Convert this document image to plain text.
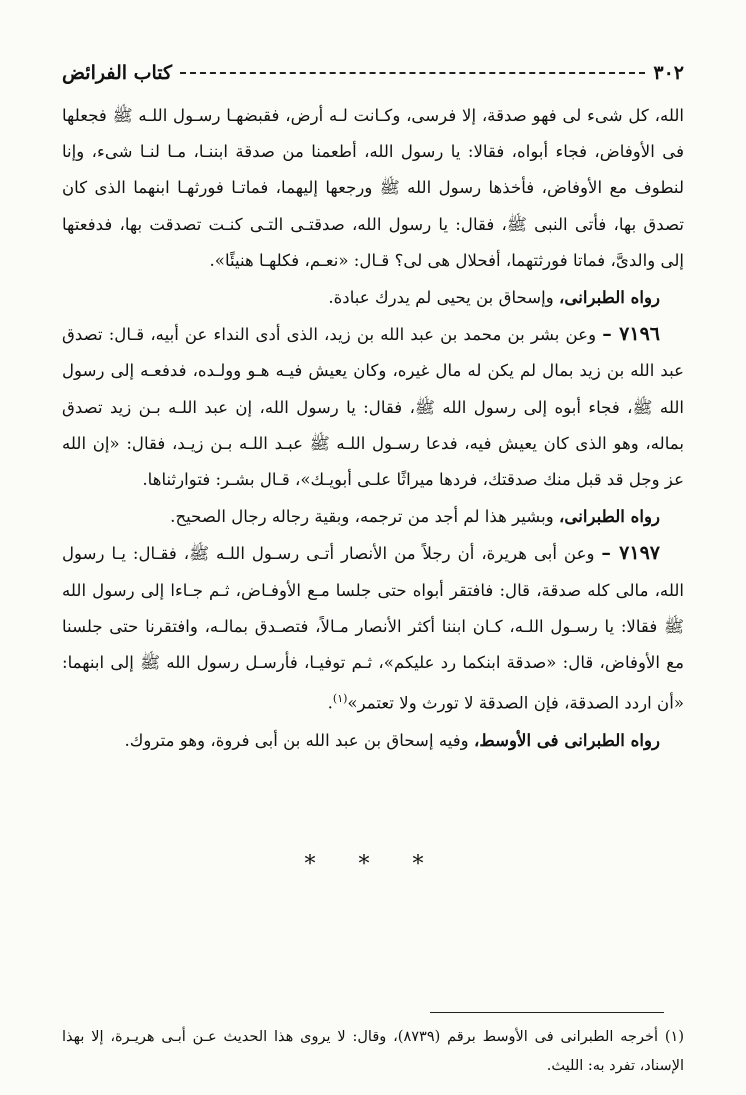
٣٠٢
كتاب الفرائض

الله، كل شىء لى فهو صدقة، إلا فرسى، وكـانت لـه أرض، فقبضهـا رسـول اللـه ﷺ فجعلها فى الأوفاض، فجاء أبواه، فقالا: يا رسول الله، أطعمنا من صدقة ابننـا، مـا لنـا شىء، وإنا لنطوف مع الأوفاض، فأخذها رسول الله ﷺ ورجعها إليهما، فماتـا فورثهـا ابنهما الذى كان تصدق بها، فأتى النبى ﷺ، فقال: يا رسول الله، صدقتـى التـى كنـت تصدقت بها، فدفعتها إلى والدىَّ، فماتا فورثتهما، أفحلال هى لى؟ قـال: «نعـم، فكلهـا هنيئًا».

رواه الطبرانى، وإسحاق بن يحيى لم يدرك عبادة.

٧١٩٦ – وعن بشر بن محمد بن عبد الله بن زيد، الذى أدى النداء عن أبيه، قـال: تصدق عبد الله بن زيد بمال لم يكن له مال غيره، وكان يعيش فيـه هـو وولـده، فدفعـه إلى رسول الله ﷺ، فجاء أبوه إلى رسول الله ﷺ، فقال: يا رسول الله، إن عبد اللـه بـن زيد تصدق بماله، وهو الذى كان يعيش فيه، فدعا رسـول اللـه ﷺ عبـد اللـه بـن زيـد، فقال: «إن الله عز وجل قد قبل منك صدقتك، فردها ميراثًا علـى أبويـك»، قـال بشـر: فتوارثناها.

رواه الطبرانى، وبشير هذا لم أجد من ترجمه، وبقية رجاله رجال الصحيح.

٧١٩٧ – وعن أبى هريرة، أن رجلاً من الأنصار أتـى رسـول اللـه ﷺ، فقـال: يـا رسول الله، مالى كله صدقة، قال: فافتقر أبواه حتى جلسا مـع الأوفـاض، ثـم جـاءا إلى رسول الله ﷺ فقالا: يا رسـول اللـه، كـان ابننا أكثر الأنصار مـالاً، فتصـدق بمالـه، وافتقرنا حتى جلسنا مع الأوفاض، قال: «صدقة ابنكما رد عليكم»، ثـم توفيـا، فأرسـل رسول الله ﷺ إلى ابنهما: «أن اردد الصدقة، فإن الصدقة لا تورث ولا تعتمر»$^{(١)}$.

رواه الطبرانى فى الأوسط، وفيه إسحاق بن عبد الله بن أبى فروة، وهو متروك.

* * *

(١) أخرجه الطبرانى فى الأوسط برقم (٨٧٣٩)، وقال: لا يروى هذا الحديث عـن أبـى هريـرة، إلا بهذا الإسناد، تفرد به: الليث.
